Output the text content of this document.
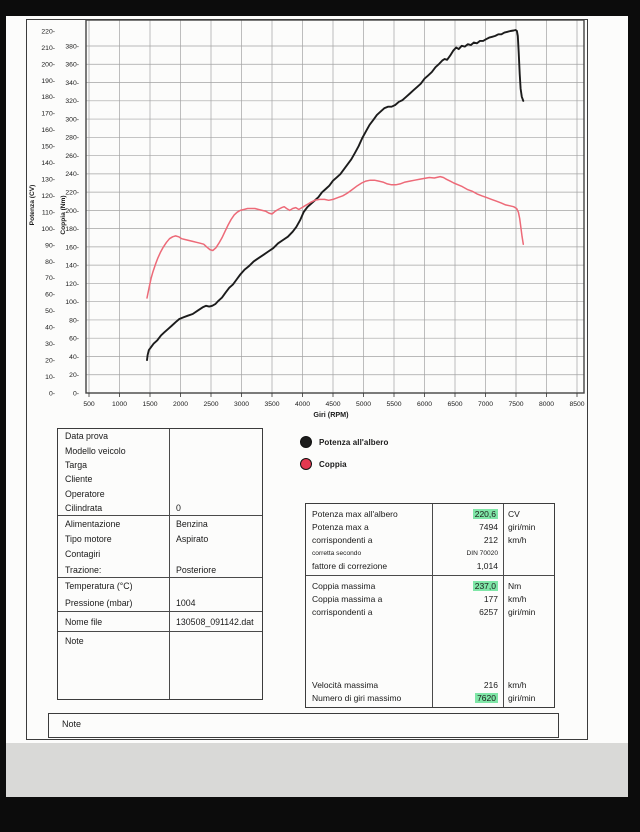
500	1000 1500 2000 2500 3000 3500 4000 4500 5000 5500 6000 6500 7000 7500 8000 8500
Giri (RPM)
0-
10-
20-
30-
40-
50-
60-
70-
80-
90-
100-
110-
120-
130-
140-
150-
160-
170-
180-
190-
200-
210-
220-
0-
20-
40-
60-
80-
100-
120-
140-
160-
180-
200-
220-
240-
260-
280-
300-
320-
340-
360-
380-
Potenza (CV)	Coppia (Nm)
Potenza all'albero
Coppia
Data prova
Modello veicolo
Targa
Cliente
Operatore
Cilindrata	0
Alimentazione	Benzina
Tipo motore	Aspirato
Contagiri
Trazione:	Posteriore
Temperatura (°C)
Pressione (mbar)	1004
Nome file	130508_091142.dat
Note
Potenza max all'albero	220,6	CV
Potenza max a	7494	giri/min
corrispondenti a	212	km/h
corretta secondo	DIN 70020
fattore di correzione	1,014
Coppia massima	237,0	Nm
Coppia massima a	177	km/h
corrispondenti a	6257	giri/min
Velocità massima	216	km/h
Numero di giri massimo	7620	giri/min
Note
